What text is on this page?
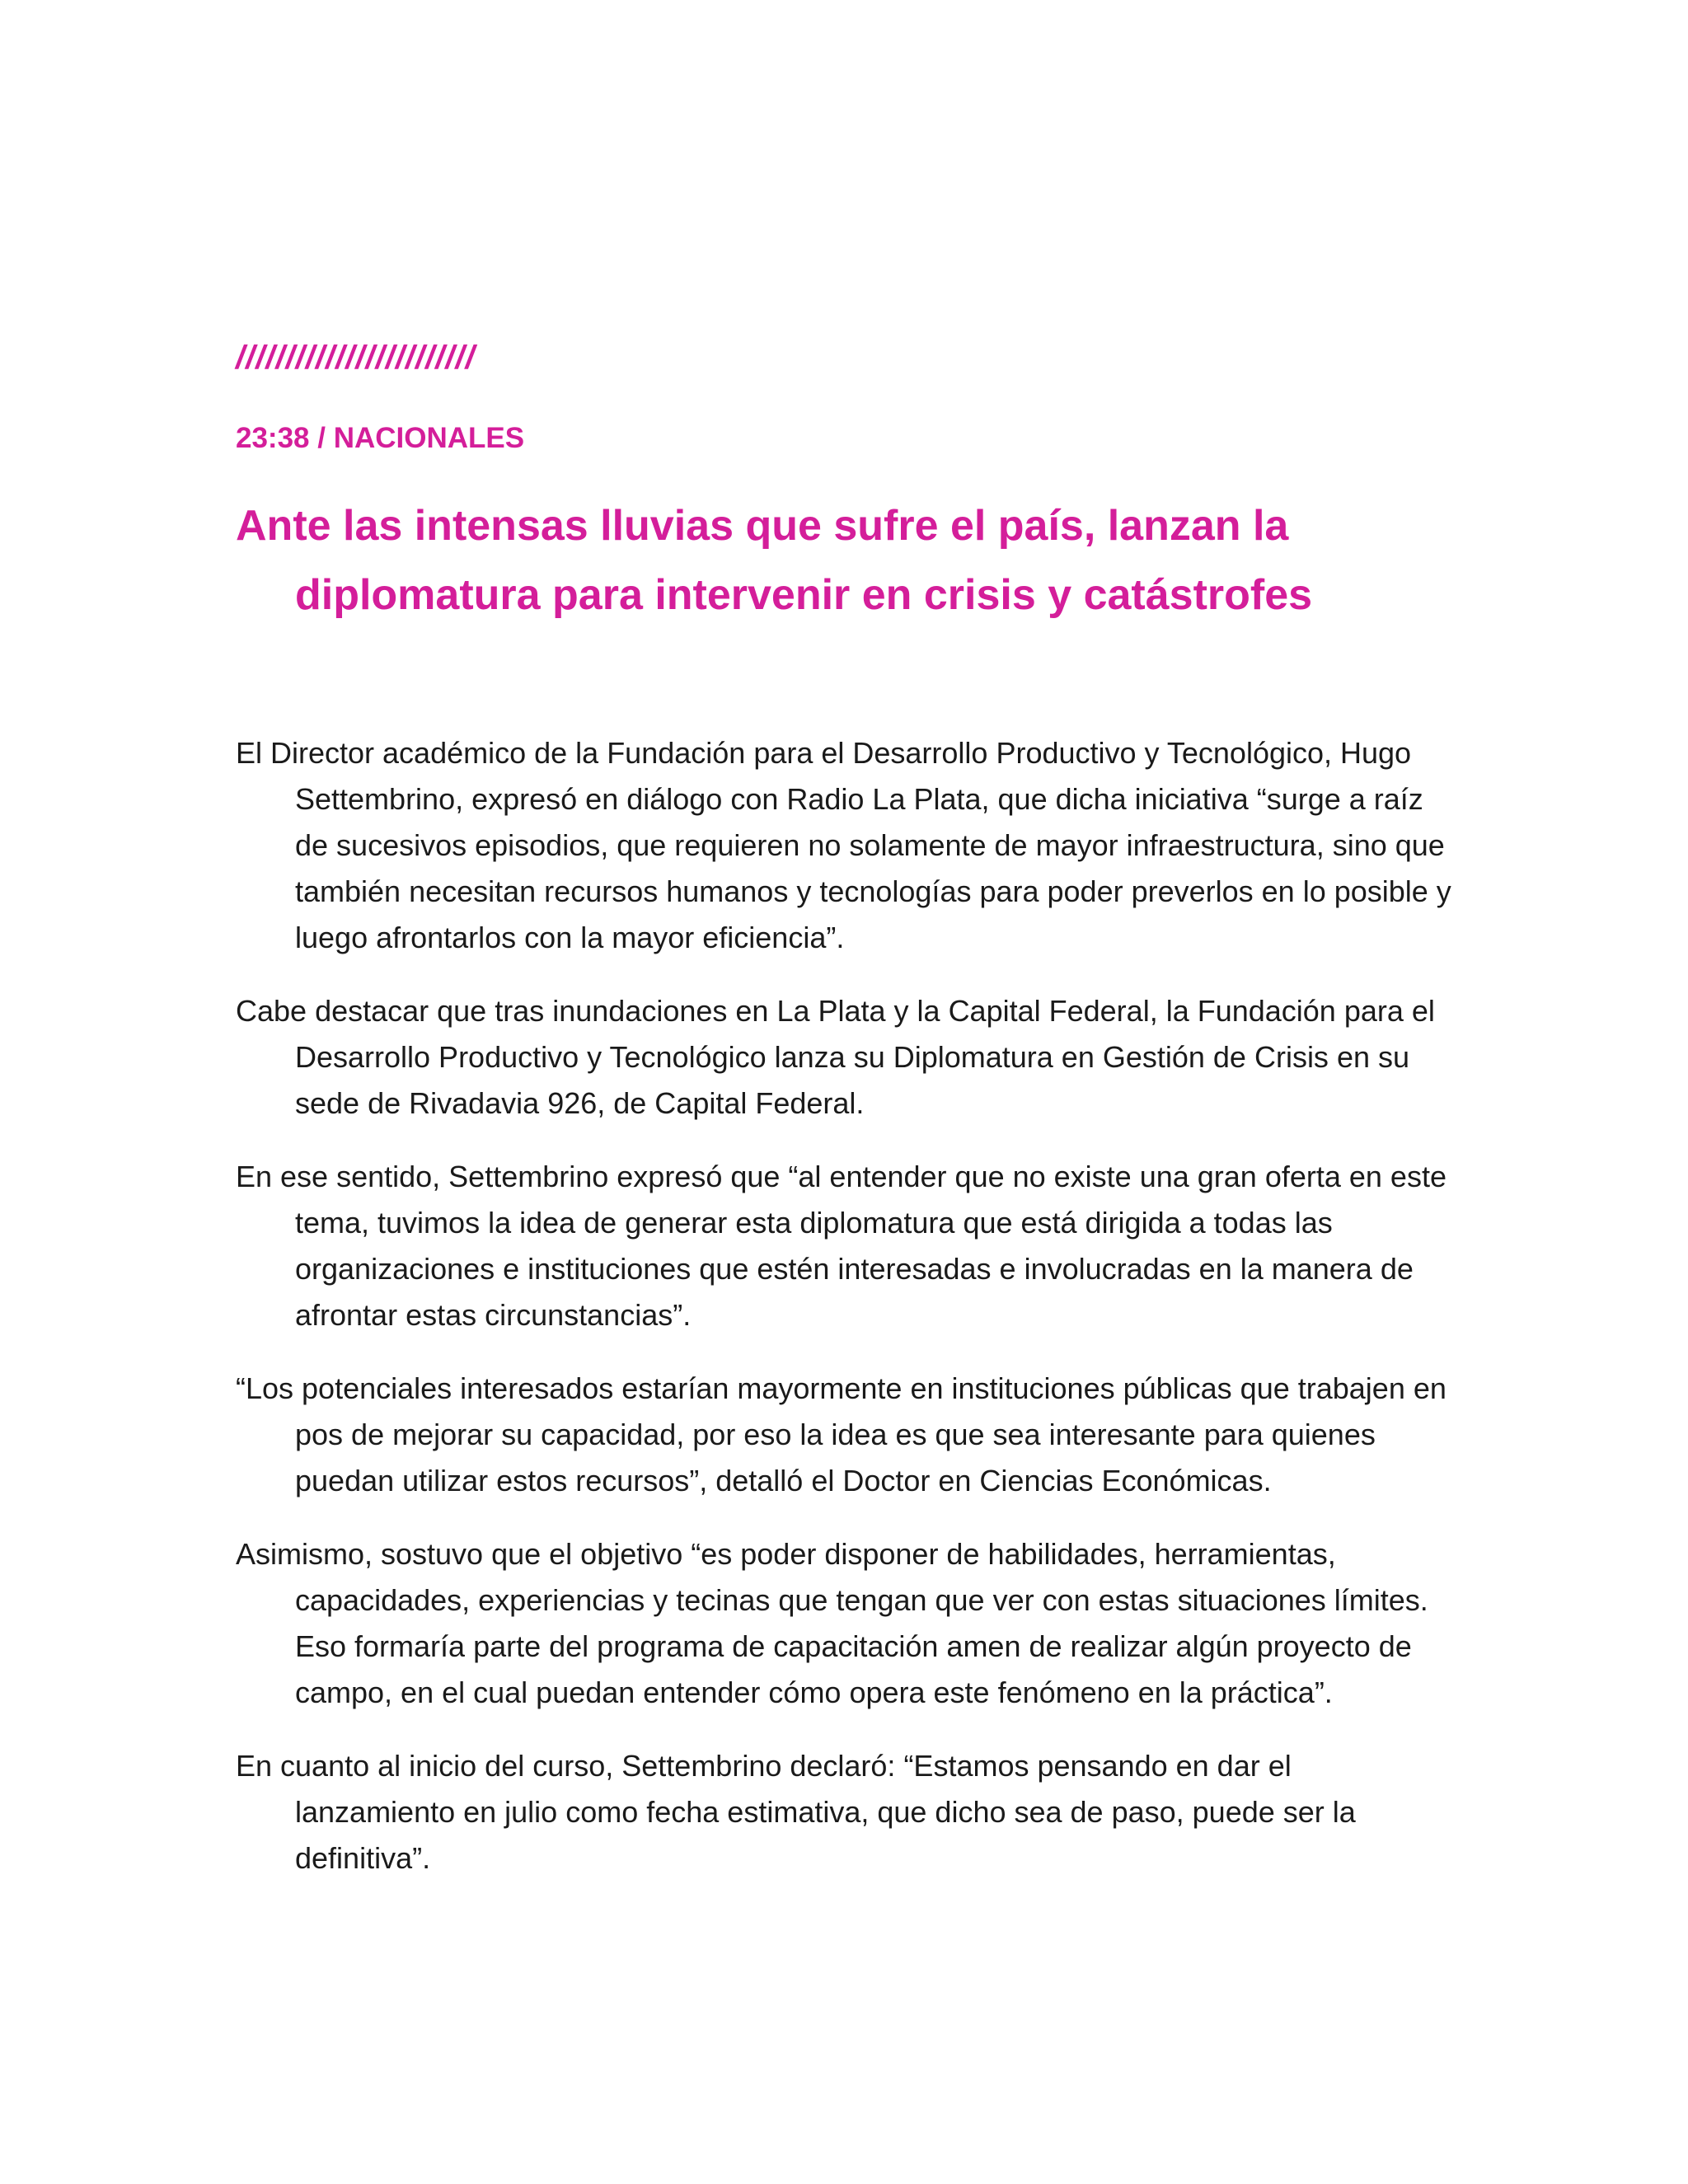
////////////////////////
23:38 / NACIONALES
Ante las intensas lluvias que sufre el país, lanzan la diplomatura para intervenir en crisis y catástrofes

El Director académico de la Fundación para el Desarrollo Productivo y Tecnológico, Hugo Settembrino, expresó en diálogo con Radio La Plata, que dicha iniciativa “surge a raíz de sucesivos episodios, que requieren no solamente de mayor infraestructura, sino que también necesitan recursos humanos y tecnologías para poder preverlos en lo posible y luego afrontarlos con la mayor eficiencia”.

Cabe destacar que tras inundaciones en La Plata y la Capital Federal, la Fundación para el Desarrollo Productivo y Tecnológico lanza su Diplomatura en Gestión de Crisis en su sede de Rivadavia 926, de Capital Federal.

En ese sentido, Settembrino expresó que “al entender que no existe una gran oferta en este tema, tuvimos la idea de generar esta diplomatura que está dirigida a todas las organizaciones e instituciones que estén interesadas e involucradas en la manera de afrontar estas circunstancias”.

“Los potenciales interesados estarían mayormente en instituciones públicas que trabajen en pos de mejorar su capacidad, por eso la idea es que sea interesante para quienes puedan utilizar estos recursos”, detalló el Doctor en Ciencias Económicas.

Asimismo, sostuvo que el objetivo “es poder disponer de habilidades, herramientas, capacidades, experiencias y tecinas que tengan que ver con estas situaciones límites. Eso formaría parte del programa de capacitación amen de realizar algún proyecto de campo, en el cual puedan entender cómo opera este fenómeno en la práctica”.

En cuanto al inicio del curso, Settembrino declaró: “Estamos pensando en dar el lanzamiento en julio como fecha estimativa, que dicho sea de paso, puede ser la definitiva”.
